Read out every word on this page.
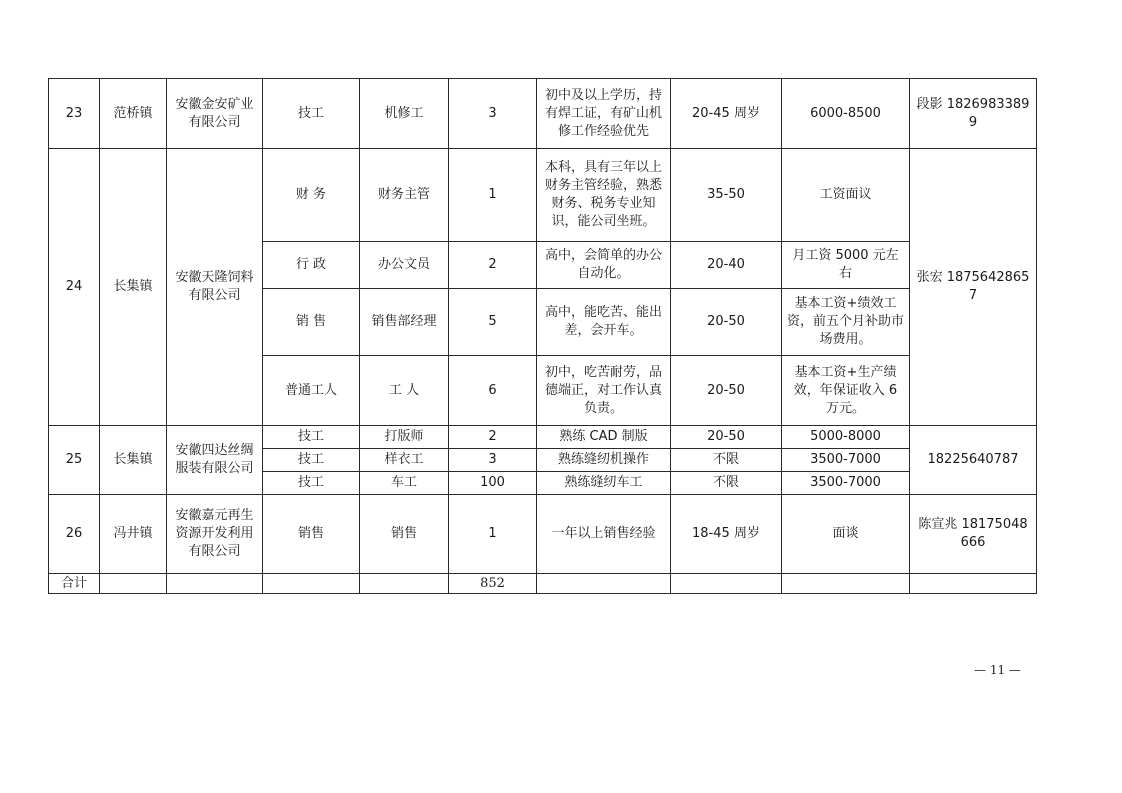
23	范桥镇	安徽金安矿业有限公司	技工	机修工	3	初中及以上学历，持有焊工证，有矿山机修工作经验优先	20-45 周岁	6000-8500	段影 18269833899
24	长集镇	安徽天隆饲料有限公司	财 务	财务主管	1	本科，具有三年以上财务主管经验，熟悉财务、税务专业知识，能公司坐班。	35-50	工资面议	张宏 18756428657
			行 政	办公文员	2	高中，会简单的办公自动化。	20-40	月工资 5000 元左右	
			销 售	销售部经理	5	高中，能吃苦、能出差，会开车。	20-50	基本工资+绩效工资，前五个月补助市场费用。	
			普通工人	工 人	6	初中，吃苦耐劳，品德端正，对工作认真负责。	20-50	基本工资+生产绩效，年保证收入 6 万元。	
25	长集镇	安徽四达丝绸服装有限公司	技工	打版师	2	熟练 CAD 制版	20-50	5000-8000	18225640787
			技工	样衣工	3	熟练缝纫机操作	不限	3500-7000	
			技工	车工	100	熟练缝纫车工	不限	3500-7000	
26	冯井镇	安徽嘉元再生资源开发利用有限公司	销售	销售	1	一年以上销售经验	18-45 周岁	面谈	陈宣兆 18175048666
合计					852				
— 11 —
